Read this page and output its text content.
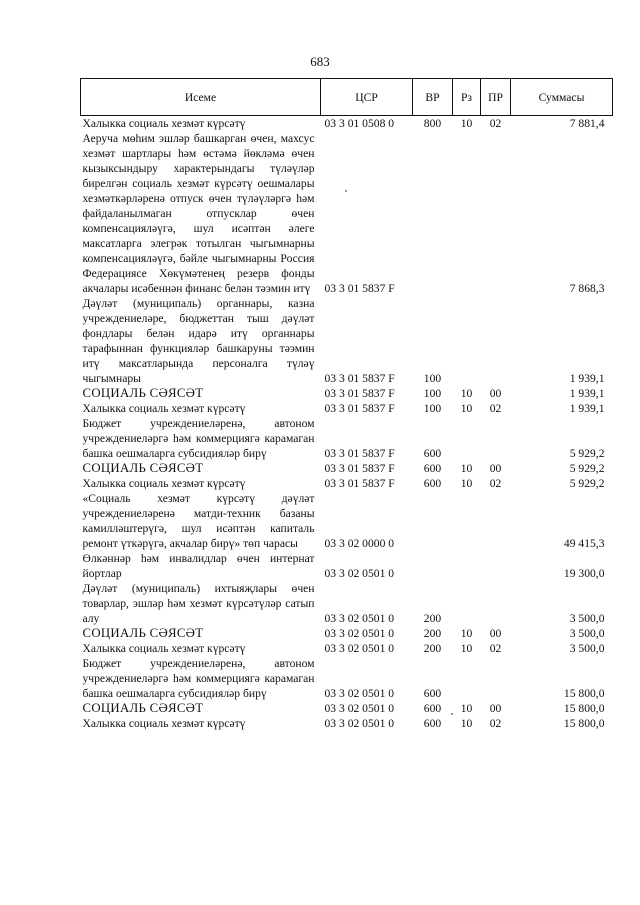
683
Исеме	ЦСР	ВР	Рз	ПР	Суммасы
Халыкка социаль хезмәт күрсәтү	03 3 01 0508 0	800	10	02	7 881,4
Аеруча мөhим эшләр башкарган өчен, махсус хезмәт шартлары hәм өстәмә йөкләмә өчен кызыксындыру характерындагы түләүләр бирелгән социаль хезмәт күрсәтү оешмалары хезмәткәрләренә отпуск өчен түләүләргә hәм файдаланылмаган отпусклар өчен компенсацияләүгә, шул исәптән әлеге максатларга элегрәк тотылган чыгымнарны компенсацияләүгә, бәйле чыгымнарны Россия Федерациясе Хөкүмәтенең резерв фонды акчалары исәбеннән финанс белән тәэмин итү	03 3 01 5837 F				7 868,3
Дәүләт (муниципаль) органнары, казна учреждениеләре, бюджеттан тыш дәүләт фондлары белән идарә итү органнары тарафыннан функцияләр башкаруны тәэмин итү максатларында персоналга түләү чыгымнары	03 3 01 5837 F	100			1 939,1
СОЦИАЛЬ СӘЯСӘТ	03 3 01 5837 F	100	10	00	1 939,1
Халыкка социаль хезмәт күрсәтү	03 3 01 5837 F	100	10	02	1 939,1
Бюджет учреждениеләренә, автоном учреждениеләргә hәм коммерциягә карамаган башка оешмаларга субсидияләр бирү	03 3 01 5837 F	600			5 929,2
СОЦИАЛЬ СӘЯСӘТ	03 3 01 5837 F	600	10	00	5 929,2
Халыкка социаль хезмәт күрсәтү	03 3 01 5837 F	600	10	02	5 929,2
«Социаль хезмәт күрсәтү дәүләт учреждениеләренә матди-техник базаны камилләштерүгә, шул исәптән капиталь ремонт үткәрүгә, акчалар бирү» төп чарасы	03 3 02 0000 0				49 415,3
Өлкәннәр hәм инвалидлар өчен интернат йортлар	03 3 02 0501 0				19 300,0
Дәүләт (муниципаль) ихтыяҗлары өчен товарлар, эшләр hәм хезмәт күрсәтүләр сатып алу	03 3 02 0501 0	200			3 500,0
СОЦИАЛЬ СӘЯСӘТ	03 3 02 0501 0	200	10	00	3 500,0
Халыкка социаль хезмәт күрсәтү	03 3 02 0501 0	200	10	02	3 500,0
Бюджет учреждениеләренә, автоном учреждениеләргә hәм коммерциягә карамаган башка оешмаларга субсидияләр бирү	03 3 02 0501 0	600			15 800,0
СОЦИАЛЬ СӘЯСӘТ	03 3 02 0501 0	600	10	00	15 800,0
Халыкка социаль хезмәт күрсәтү	03 3 02 0501 0	600	10	02	15 800,0
